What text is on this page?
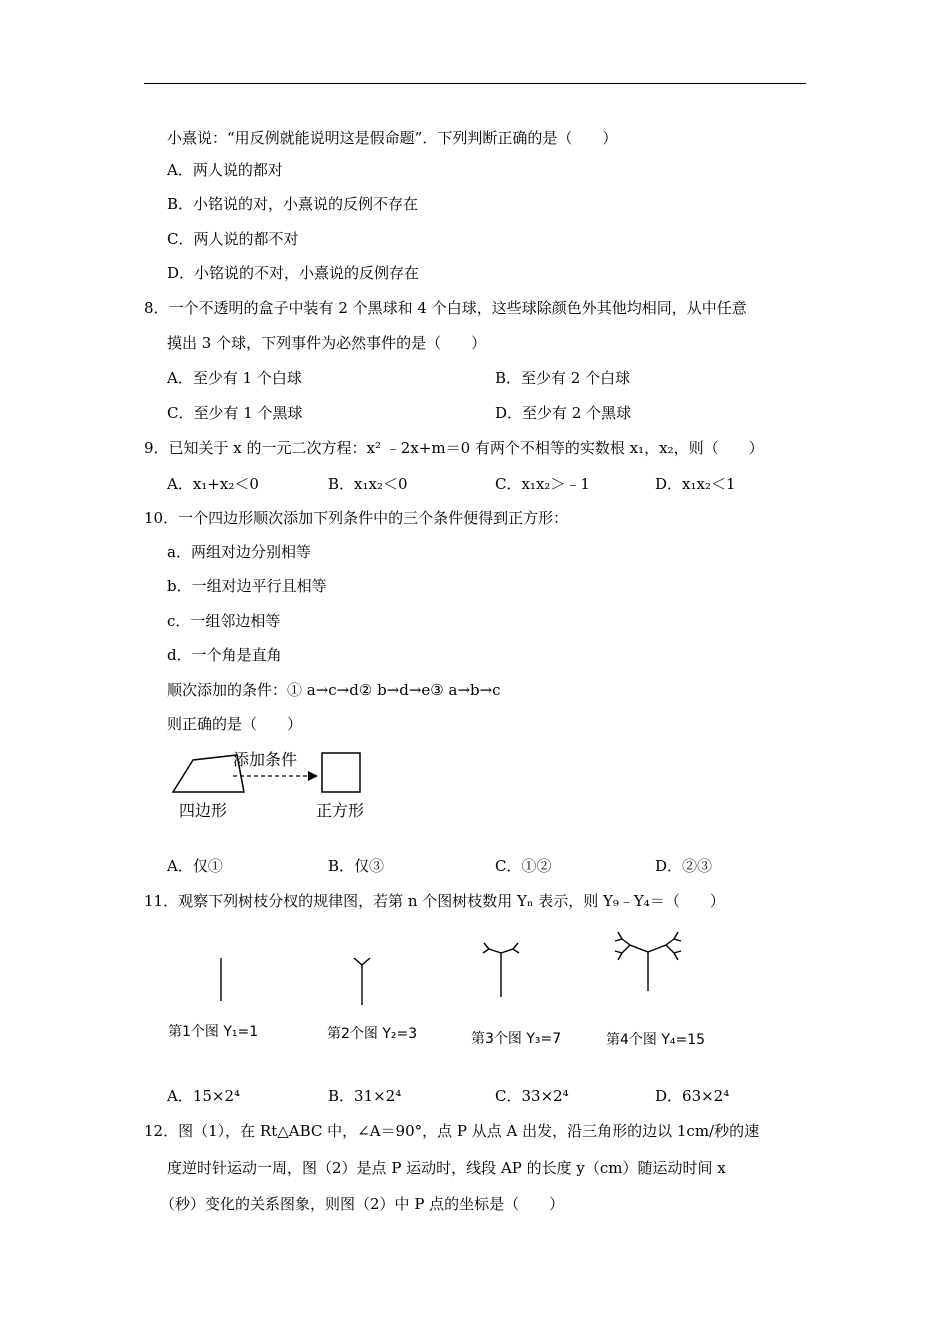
小熹说：“用反例就能说明这是假命题”．下列判断正确的是（　　）
A．两人说的都对
B．小铭说的对，小熹说的反例不存在
C．两人说的都不对
D．小铭说的不对，小熹说的反例存在
8．一个不透明的盒子中装有 2 个黑球和 4 个白球，这些球除颜色外其他均相同，从中任意
摸出 3 个球，下列事件为必然事件的是（　　）
A．至少有 1 个白球	B．至少有 2 个白球
C．至少有 1 个黑球	D．至少有 2 个黑球
9．已知关于 x 的一元二次方程：x² ﹣2x+m＝0 有两个不相等的实数根 x₁，x₂，则（　　）
A．x₁+x₂＜0	B．x₁x₂＜0	C．x₁x₂＞﹣1	D．x₁x₂＜1
10．一个四边形顺次添加下列条件中的三个条件便得到正方形：
a．两组对边分别相等
b．一组对边平行且相等
c．一组邻边相等
d．一个角是直角
顺次添加的条件：① a→c→d② b→d→e③ a→b→c
则正确的是（　　）
添加条件
四边形	正方形
A．仅①	B．仅③	C．①②	D．②③
11．观察下列树枝分杈的规律图，若第 n 个图树枝数用 Yₙ 表示，则 Y₉﹣Y₄＝（　　）
第1个图 Y₁=1	第2个图 Y₂=3	第3个图 Y₃=7	第4个图 Y₄=15
A．15×2⁴	B．31×2⁴	C．33×2⁴	D．63×2⁴
12．图（1），在 Rt△ABC 中，∠A＝90°，点 P 从点 A 出发，沿三角形的边以 1cm/秒的速
度逆时针运动一周，图（2）是点 P 运动时，线段 AP 的长度 y（cm）随运动时间 x
（秒）变化的关系图象，则图（2）中 P 点的坐标是（　　）
